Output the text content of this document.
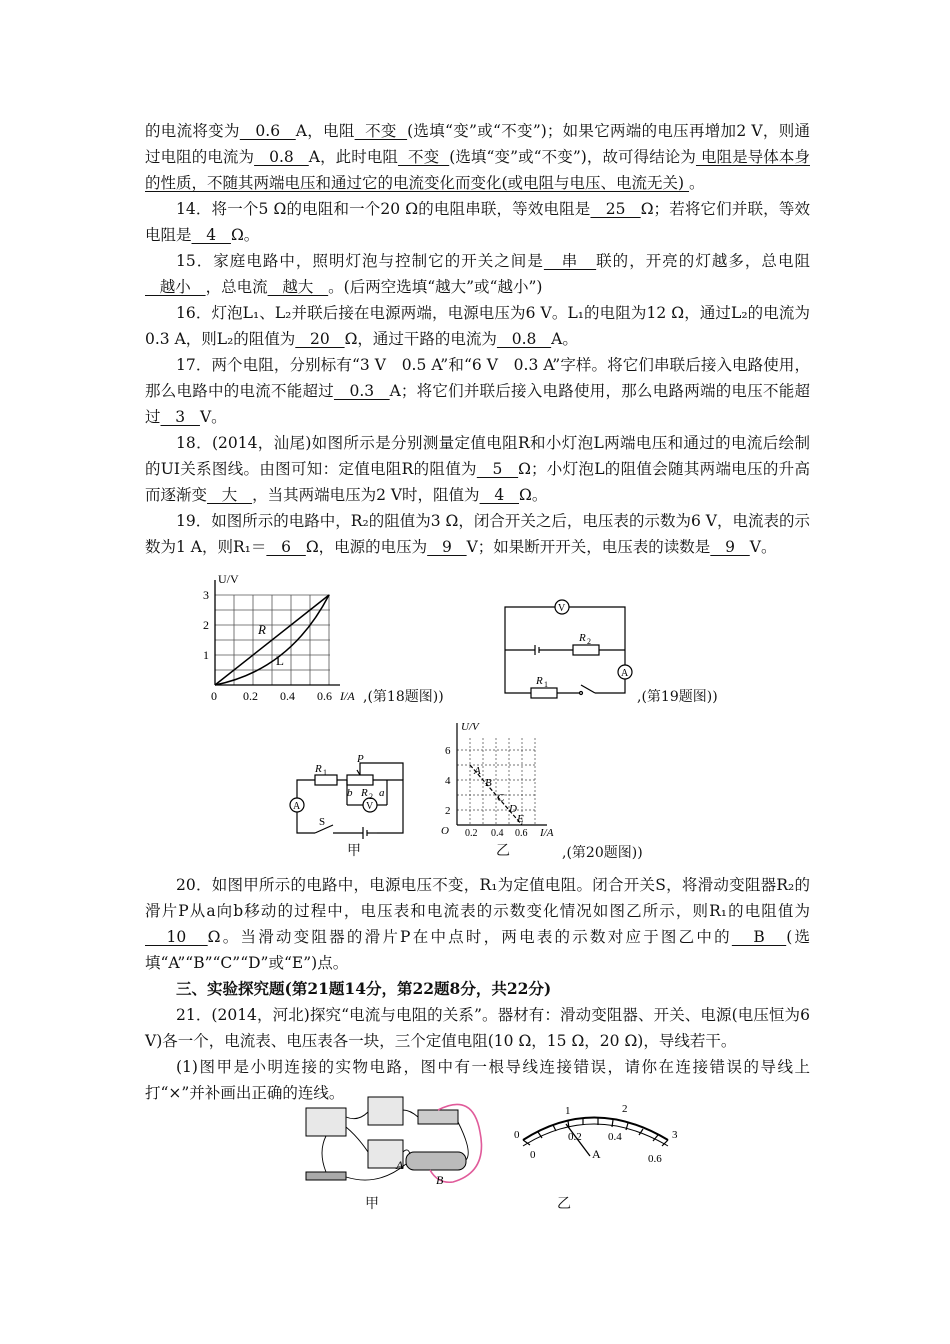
的电流将变为   0.6   A，电阻  不变  (选填“变”或“不变”)；如果它两端的电压再增加2 V，则通过电阻的电流为   0.8   A，此时电阻  不变  (选填“变”或“不变”)，故可得结论为 电阻是导体本身的性质，不随其两端电压和通过它的电流变化而变化(或电阻与电压、电流无关) 。

14．将一个5 Ω的电阻和一个20 Ω的电阻串联，等效电阻是   25   Ω；若将它们并联，等效电阻是   4   Ω。

15．家庭电路中，照明灯泡与控制它的开关之间是   串   联的，开亮的灯越多，总电阻   越小   ，总电流   越大   。(后两空选填“越大”或“越小”)

16．灯泡L₁、L₂并联后接在电源两端，电源电压为6 V。L₁的电阻为12 Ω，通过L₂的电流为0.3 A，则L₂的阻值为   20   Ω，通过干路的电流为   0.8   A。

17．两个电阻，分别标有“3 V　0.5 A”和“6 V　0.3 A”字样。将它们串联后接入电路使用，那么电路中的电流不能超过   0.3   A；将它们并联后接入电路使用，那么电路两端的电压不能超过   3   V。

18．(2014，汕尾)如图所示是分别测量定值电阻R和小灯泡L两端电压和通过的电流后绘制的UI关系图线。由图可知：定值电阻R的阻值为   5   Ω；小灯泡L的阻值会随其两端电压的升高而逐渐变   大   ，当其两端电压为2 V时，阻值为   4   Ω。

19．如图所示的电路中，R₂的阻值为3 Ω，闭合开关之后，电压表的示数为6 V，电流表的示数为1 A，则R₁＝   6   Ω，电源的电压为   9   V；如果断开开关，电压表的读数是   9   V。

U/V
3
2
1
0 0.2 0.4 0.6
R
L
I/A ,(第18题图))
V
A
R 2
R 1
,(第19题图))
A	V
R 1
P
b R 2 a
S
甲
U/V
6
4
2
O 0.2 0.4 0.6 I/A
A
B
C
D
E
乙	,(第20题图))

20．如图甲所示的电路中，电源电压不变，R₁为定值电阻。闭合开关S，将滑动变阻器R₂的滑片P从a向b移动的过程中，电压表和电流表的示数变化情况如图乙所示，则R₁的电阻值为   10   Ω。当滑动变阻器的滑片P在中点时，两电表的示数对应于图乙中的   B   (选填“A”“B”“C”“D”或“E”)点。

三、实验探究题(第21题14分，第22题8分，共22分)

21．(2014，河北)探究“电流与电阻的关系”。器材有：滑动变阻器、开关、电源(电压恒为6 V)各一个，电流表、电压表各一块，三个定值电阻(10 Ω，15 Ω，20 Ω)，导线若干。

(1)图甲是小明连接的实物电路，图中有一根导线连接错误，请你在连接错误的导线上打“×”并补画出正确的连线。

A
B
甲
0
1	2
3
0
0.2 0.4
0.6
A
乙
